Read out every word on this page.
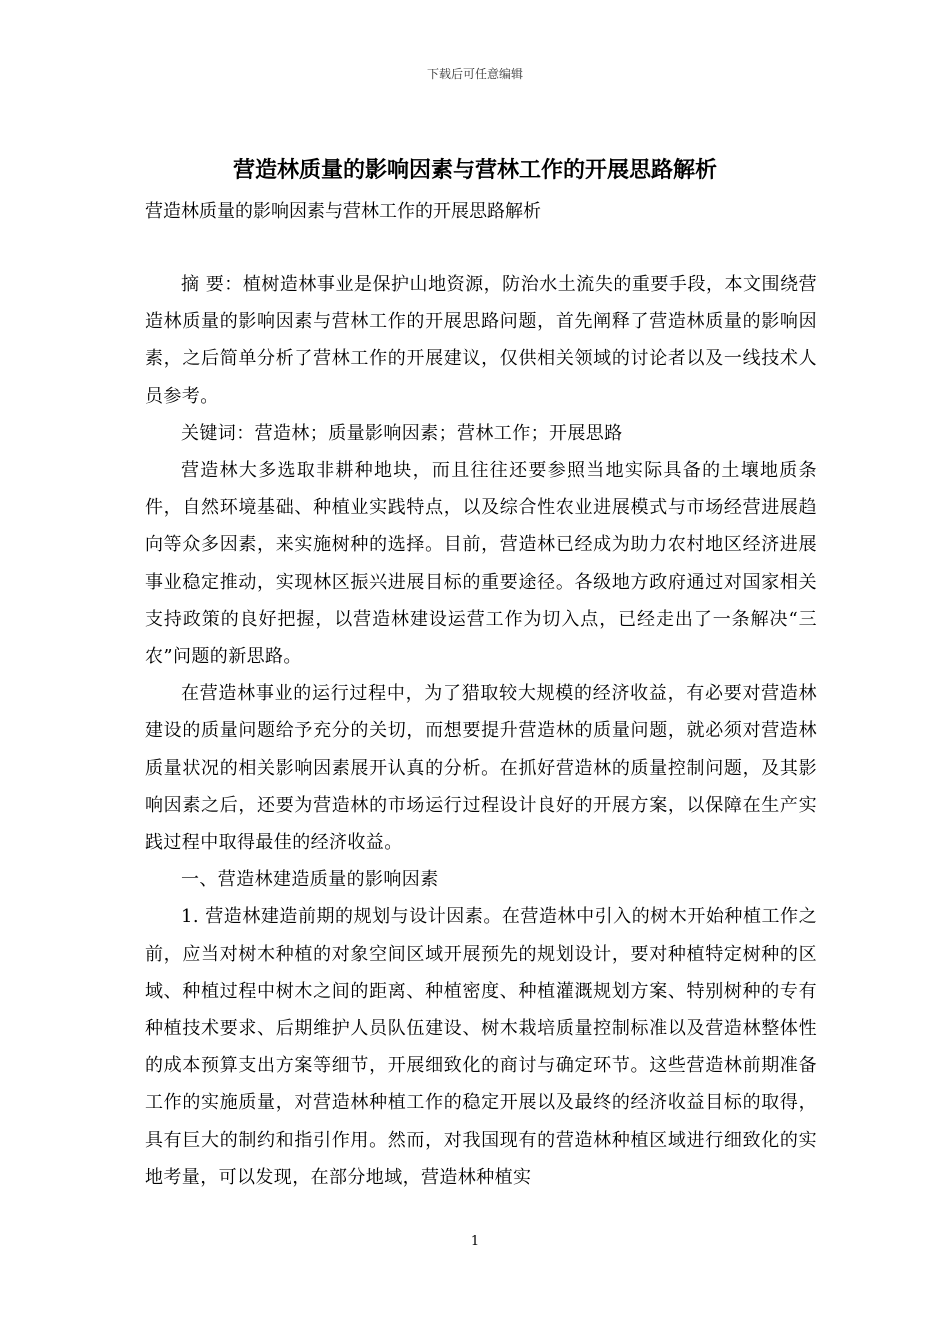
下载后可任意编辑
营造林质量的影响因素与营林工作的开展思路解析
营造林质量的影响因素与营林工作的开展思路解析

摘 要：植树造林事业是保护山地资源，防治水土流失的重要手段，本文围绕营造林质量的影响因素与营林工作的开展思路问题，首先阐释了营造林质量的影响因素，之后简单分析了营林工作的开展建议，仅供相关领域的讨论者以及一线技术人员参考。

关键词：营造林；质量影响因素；营林工作；开展思路

营造林大多选取非耕种地块，而且往往还要参照当地实际具备的土壤地质条件，自然环境基础、种植业实践特点，以及综合性农业进展模式与市场经营进展趋向等众多因素，来实施树种的选择。目前，营造林已经成为助力农村地区经济进展事业稳定推动，实现林区振兴进展目标的重要途径。各级地方政府通过对国家相关支持政策的良好把握，以营造林建设运营工作为切入点，已经走出了一条解决“三农”问题的新思路。

在营造林事业的运行过程中，为了猎取较大规模的经济收益，有必要对营造林建设的质量问题给予充分的关切，而想要提升营造林的质量问题，就必须对营造林质量状况的相关影响因素展开认真的分析。在抓好营造林的质量控制问题，及其影响因素之后，还要为营造林的市场运行过程设计良好的开展方案，以保障在生产实践过程中取得最佳的经济收益。

一、营造林建造质量的影响因素

1. 营造林建造前期的规划与设计因素。在营造林中引入的树木开始种植工作之前，应当对树木种植的对象空间区域开展预先的规划设计，要对种植特定树种的区域、种植过程中树木之间的距离、种植密度、种植灌溉规划方案、特别树种的专有种植技术要求、后期维护人员队伍建设、树木栽培质量控制标准以及营造林整体性的成本预算支出方案等细节，开展细致化的商讨与确定环节。这些营造林前期准备工作的实施质量，对营造林种植工作的稳定开展以及最终的经济收益目标的取得，具有巨大的制约和指引作用。然而，对我国现有的营造林种植区域进行细致化的实地考量，可以发现，在部分地域，营造林种植实

1
